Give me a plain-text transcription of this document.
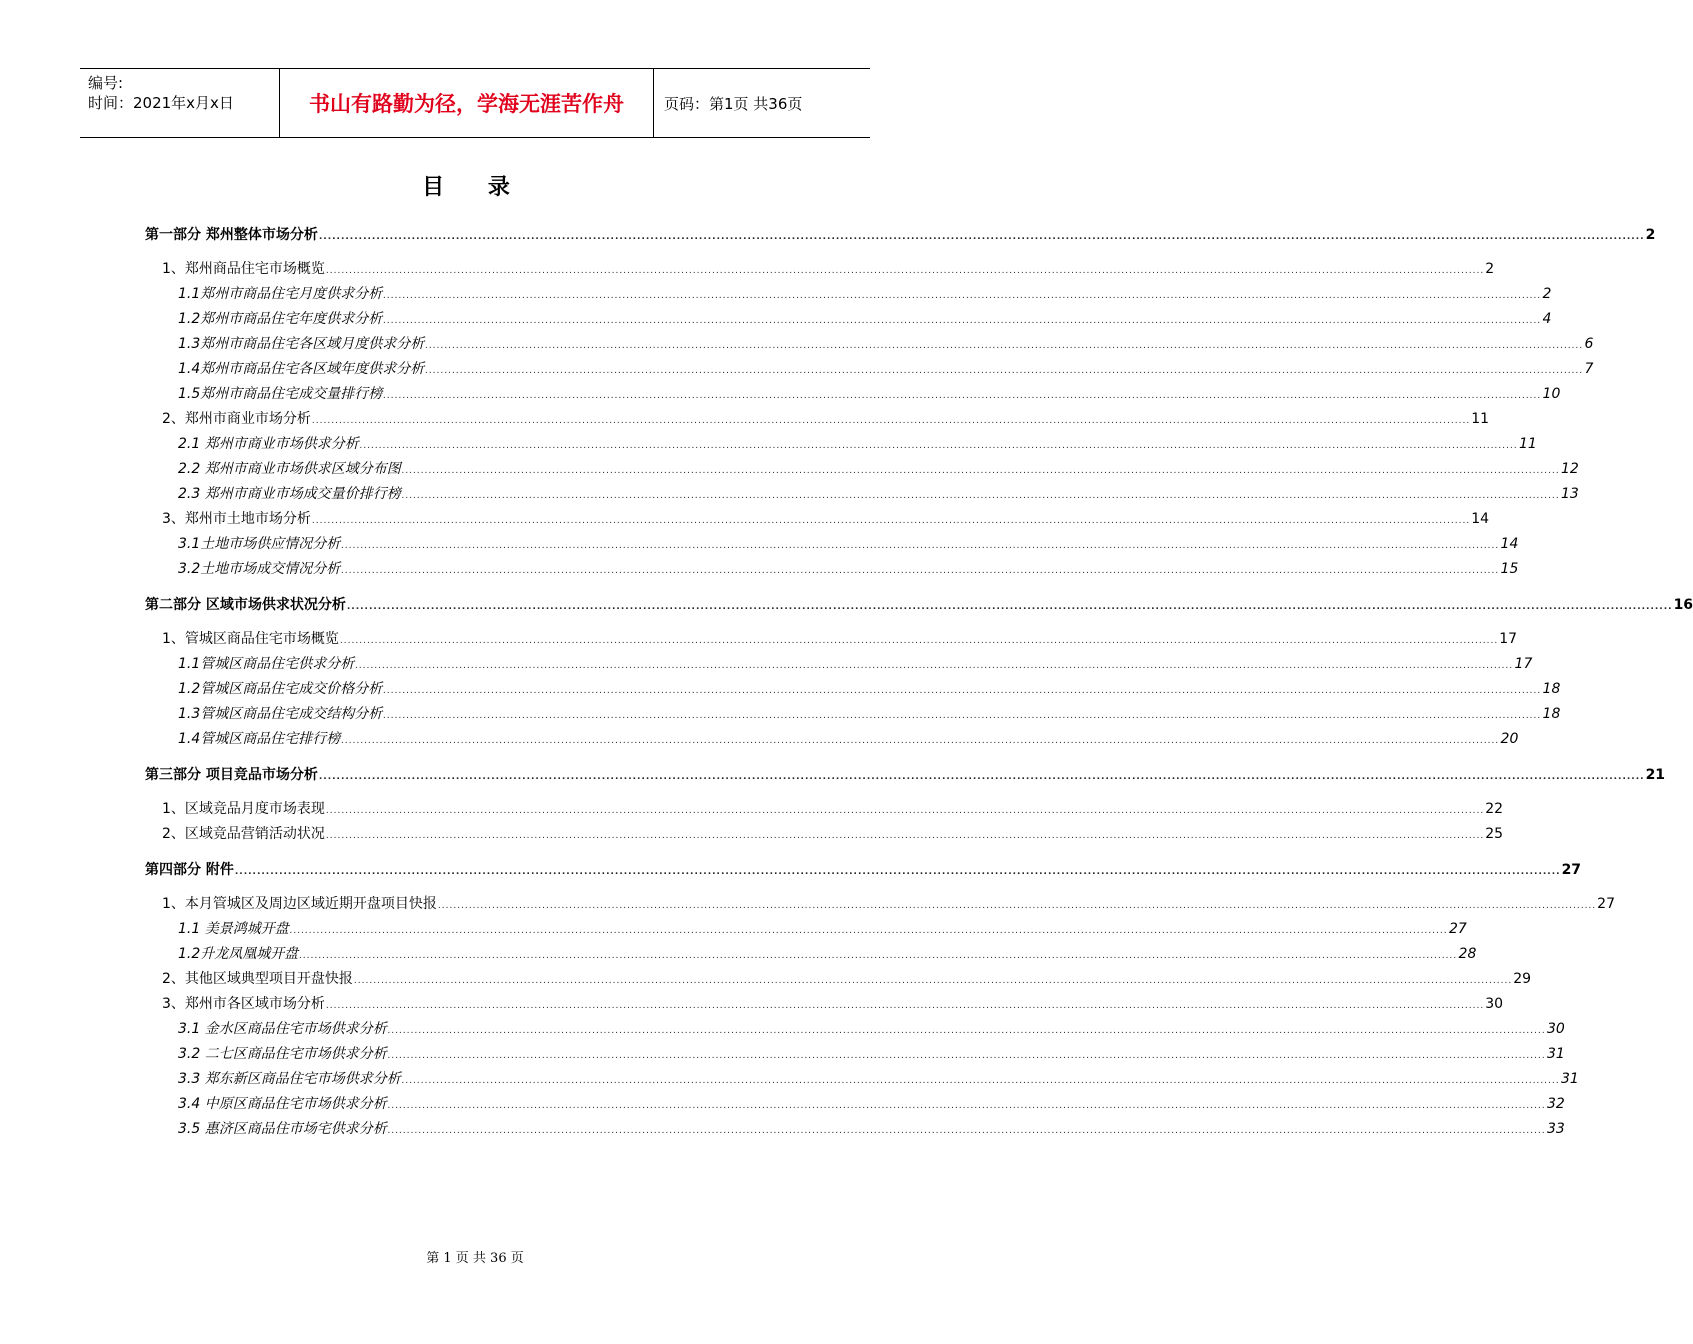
编号:
时间：2021年x月x日	书山有路勤为径，学海无涯苦作舟	页码：第1页 共36页
目 录
第一部分 郑州整体市场分析 ............................................................................................................................................................................................................................................................................................................ 2
1、郑州商品住宅市场概览 ............................................................................................................................................................................................................................................................................................................ 2
1.1郑州市商品住宅月度供求分析 ............................................................................................................................................................................................................................................................................................................ 2
1.2郑州市商品住宅年度供求分析 ............................................................................................................................................................................................................................................................................................................ 4
1.3郑州市商品住宅各区域月度供求分析 ............................................................................................................................................................................................................................................................................................................ 6
1.4郑州市商品住宅各区域年度供求分析 ............................................................................................................................................................................................................................................................................................................ 7
1.5郑州市商品住宅成交量排行榜 ............................................................................................................................................................................................................................................................................................................ 10
2、郑州市商业市场分析 ............................................................................................................................................................................................................................................................................................................ 11
2.1 郑州市商业市场供求分析 ............................................................................................................................................................................................................................................................................................................ 11
2.2 郑州市商业市场供求区域分布图 ............................................................................................................................................................................................................................................................................................................ 12
2.3 郑州市商业市场成交量价排行榜 ............................................................................................................................................................................................................................................................................................................ 13
3、郑州市土地市场分析 ............................................................................................................................................................................................................................................................................................................ 14
3.1土地市场供应情况分析 ............................................................................................................................................................................................................................................................................................................ 14
3.2土地市场成交情况分析 ............................................................................................................................................................................................................................................................................................................ 15
第二部分 区域市场供求状况分析 ............................................................................................................................................................................................................................................................................................................ 16
1、管城区商品住宅市场概览 ............................................................................................................................................................................................................................................................................................................ 17
1.1管城区商品住宅供求分析 ............................................................................................................................................................................................................................................................................................................ 17
1.2管城区商品住宅成交价格分析 ............................................................................................................................................................................................................................................................................................................ 18
1.3管城区商品住宅成交结构分析 ............................................................................................................................................................................................................................................................................................................ 18
1.4管城区商品住宅排行榜 ............................................................................................................................................................................................................................................................................................................ 20
第三部分 项目竞品市场分析 ............................................................................................................................................................................................................................................................................................................ 21
1、区域竞品月度市场表现 ............................................................................................................................................................................................................................................................................................................ 22
2、区域竞品营销活动状况 ............................................................................................................................................................................................................................................................................................................ 25
第四部分 附件 ............................................................................................................................................................................................................................................................................................................ 27
1、本月管城区及周边区域近期开盘项目快报 ............................................................................................................................................................................................................................................................................................................ 27
1.1 美景鸿城开盘 ............................................................................................................................................................................................................................................................................................................ 27
1.2升龙凤凰城开盘 ............................................................................................................................................................................................................................................................................................................ 28
2、其他区域典型项目开盘快报 ............................................................................................................................................................................................................................................................................................................ 29
3、郑州市各区域市场分析 ............................................................................................................................................................................................................................................................................................................ 30
3.1 金水区商品住宅市场供求分析 ............................................................................................................................................................................................................................................................................................................ 30
3.2 二七区商品住宅市场供求分析 ............................................................................................................................................................................................................................................................................................................ 31
3.3 郑东新区商品住宅市场供求分析 ............................................................................................................................................................................................................................................................................................................ 31
3.4 中原区商品住宅市场供求分析 ............................................................................................................................................................................................................................................................................................................ 32
3.5 惠济区商品住市场宅供求分析 ............................................................................................................................................................................................................................................................................................................ 33
第 1 页 共 36 页
